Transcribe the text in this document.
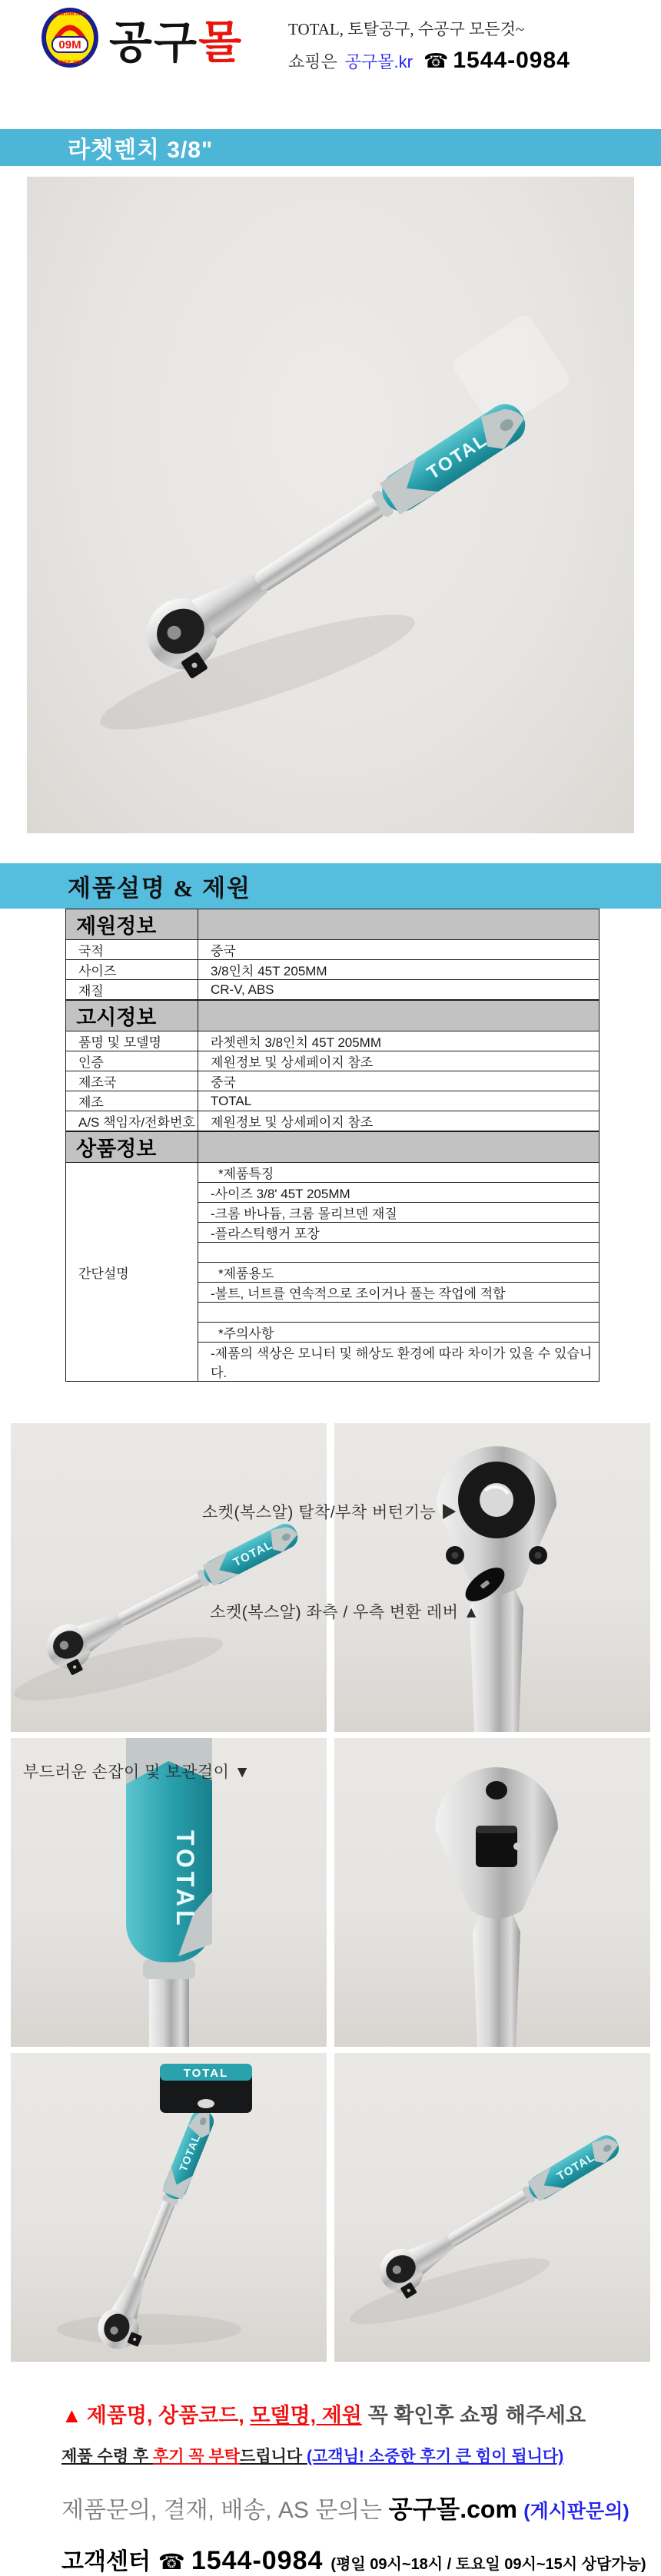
www.09M.co.kr
09M
SINCE 1986 공구몰	TOTAL, 토탈공구, 수공구 모든것~

쇼핑은 공구몰.kr ☎ 1544-0984
라쳇렌치 3/8"
제품설명 & 제원
제원정보	
국적	중국
사이즈	3/8인치 45T 205MM
재질	CR-V, ABS
고시정보	
품명 및 모델명	라쳇렌치 3/8인치 45T 205MM
인증	제원정보 및 상세페이지 참조
제조국	중국
제조	TOTAL
A/S 책임자/전화번호	제원정보 및 상세페이지 참조
상품정보	
간단설명	*제품특징
	-사이즈 3/8' 45T 205MM
	-크롬 바나듐, 크롬 몰리브덴 재질
	-플라스틱행거 포장

	*제품용도
	-볼트, 너트를 연속적으로 조이거나 풀는 작업에 적합

	*주의사항
	-제품의 색상은 모니터 및 해상도 환경에 따라 차이가 있을 수 있습니다.
소켓(복스알) 탈착/부착 버턴기능 ▶
소켓(복스알) 좌측 / 우측 변환 레버 ▲
부드러운 손잡이 및 보관걸이 ▼
TOTAL
TOTAL
▲ 제품명, 상품코드, 모델명, 제원 꼭 확인후 쇼핑 해주세요
제품 수령 후 후기 꼭 부탁드립니다 (고객님! 소중한 후기 큰 힘이 됩니다)
제품문의, 결재, 배송, AS 문의는 공구몰.com (게시판문의)
고객센터 ☎ 1544-0984 (평일 09시~18시 / 토요일 09시~15시 상담가능)
